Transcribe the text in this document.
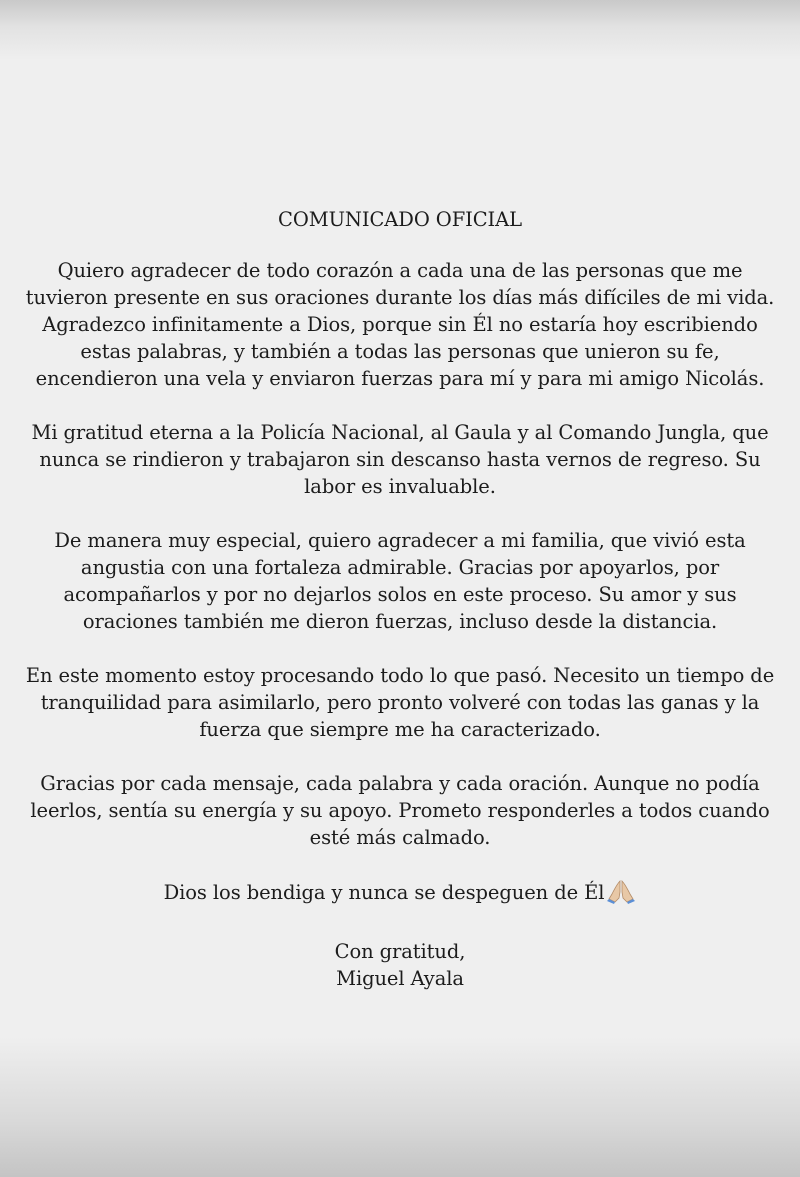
COMUNICADO OFICIAL

Quiero agradecer de todo corazón a cada una de las personas que me tuvieron presente en sus oraciones durante los días más difíciles de mi vida. Agradezco infinitamente a Dios, porque sin Él no estaría hoy escribiendo estas palabras, y también a todas las personas que unieron su fe, encendieron una vela y enviaron fuerzas para mí y para mi amigo Nicolás.

Mi gratitud eterna a la Policía Nacional, al Gaula y al Comando Jungla, que nunca se rindieron y trabajaron sin descanso hasta vernos de regreso. Su labor es invaluable.

De manera muy especial, quiero agradecer a mi familia, que vivió esta angustia con una fortaleza admirable. Gracias por apoyarlos, por acompañarlos y por no dejarlos solos en este proceso. Su amor y sus oraciones también me dieron fuerzas, incluso desde la distancia.

En este momento estoy procesando todo lo que pasó. Necesito un tiempo de tranquilidad para asimilarlo, pero pronto volveré con todas las ganas y la fuerza que siempre me ha caracterizado.

Gracias por cada mensaje, cada palabra y cada oración. Aunque no podía leerlos, sentía su energía y su apoyo. Prometo responderles a todos cuando esté más calmado.

Dios los bendiga y nunca se despeguen de Él

Con gratitud,

Miguel Ayala
